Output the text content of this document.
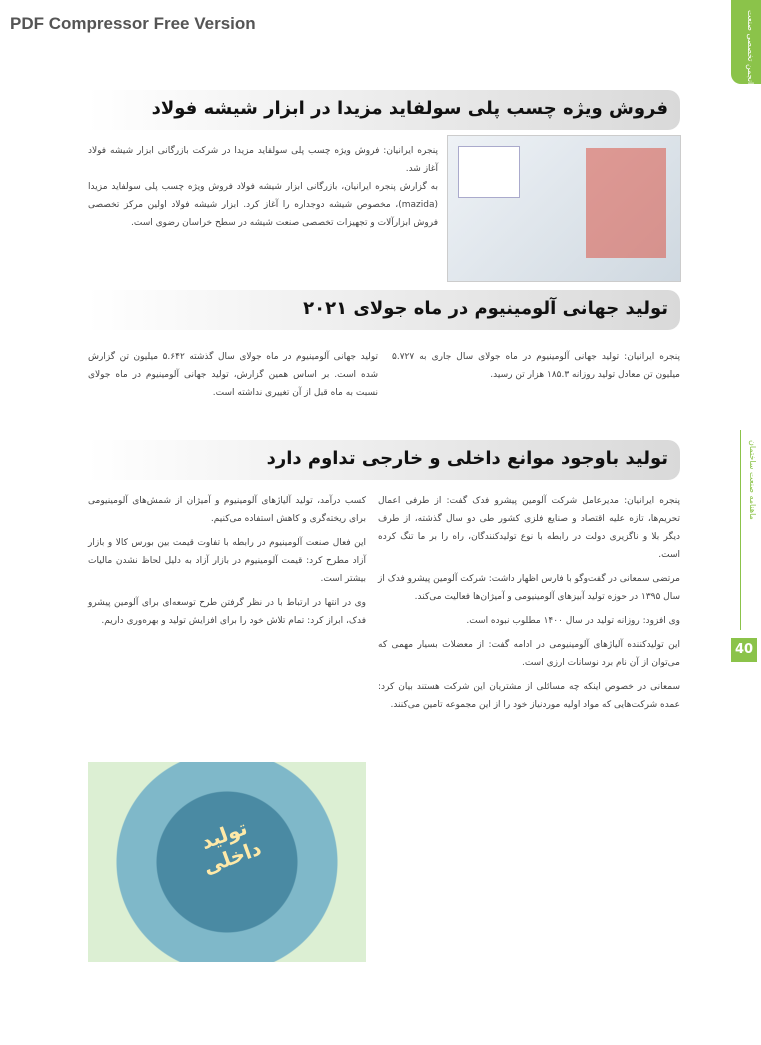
PDF Compressor Free Version	انجمن تخصصی صنعت
ماهنامه صنعت ساختمان
40
فروش ویژه چسب پلی سولفاید مزیدا در ابزار شیشه فولاد
پنجره ایرانیان: فروش ویژه چسب پلی سولفاید مزیدا در شرکت بازرگانی ابزار شیشه فولاد آغاز شد.
به گزارش پنجره ایرانیان، بازرگانی ابزار شیشه فولاد فروش ویژه چسب پلی سولفاید مزیدا (mazida)، مخصوص شیشه دوجداره را آغاز کرد. ابزار شیشه فولاد اولین مرکز تخصصی فروش ابزارآلات و تجهیزات تخصصی صنعت شیشه در سطح خراسان رضوی است.
تولید جهانی آلومینیوم در ماه جولای ۲۰۲۱
پنجره ایرانیان: تولید جهانی آلومینیوم در ماه جولای سال جاری به ۵.۷۲۷ میلیون تن معادل تولید روزانه ۱۸۵.۳ هزار تن رسید.
تولید جهانی آلومینیوم در ماه جولای سال گذشته ۵.۶۴۲ میلیون تن گزارش شده است. بر اساس همین گزارش، تولید جهانی آلومینیوم در ماه جولای نسبت به ماه قبل از آن تغییری نداشته است.
تولید باوجود موانع داخلی و خارجی تداوم دارد

پنجره ایرانیان: مدیرعامل شرکت آلومین پیشرو فدک گفت: از طرفی اعمال تحریم‌ها، تازه علیه اقتصاد و صنایع فلزی کشور طی دو سال گذشته، از طرف دیگر بلا و ناگزیری دولت در رابطه با نوع تولیدکنندگان، راه را بر ما تنگ کرده است.

مرتضی سمعانی در گفت‌وگو با فارس اظهار داشت: شرکت آلومین پیشرو فدک از سال ۱۳۹۵ در حوزه تولید آبیزهای آلومینیومی و آمیژان‌ها فعالیت می‌کند.

وی افزود: روزانه تولید در سال ۱۴۰۰ مطلوب نبوده است.

این تولیدکننده آلیاژهای آلومینیومی در ادامه گفت: از معضلات بسیار مهمی که می‌توان از آن نام برد نوسانات ارزی است.

سمعانی در خصوص اینکه چه مسائلی از مشتریان این شرکت هستند بیان کرد: عمده شرکت‌هایی که مواد اولیه موردنیاز خود را از این مجموعه تامین می‌کنند.

کسب درآمد، تولید آلیاژهای آلومینیوم و آمیژان از شمش‌های آلومینیومی برای ریخته‌گری و کاهش استفاده می‌کنیم.

این فعال صنعت آلومینیوم در رابطه با تفاوت قیمت بین بورس کالا و بازار آزاد مطرح کرد: قیمت آلومینیوم در بازار آزاد به دلیل لحاظ نشدن مالیات بیشتر است.

وی در انتها در ارتباط با در نظر گرفتن طرح توسعه‌ای برای آلومین پیشرو فدک، ابراز کرد: تمام تلاش خود را برای افزایش تولید و بهره‌وری داریم.

تولید داخلی
